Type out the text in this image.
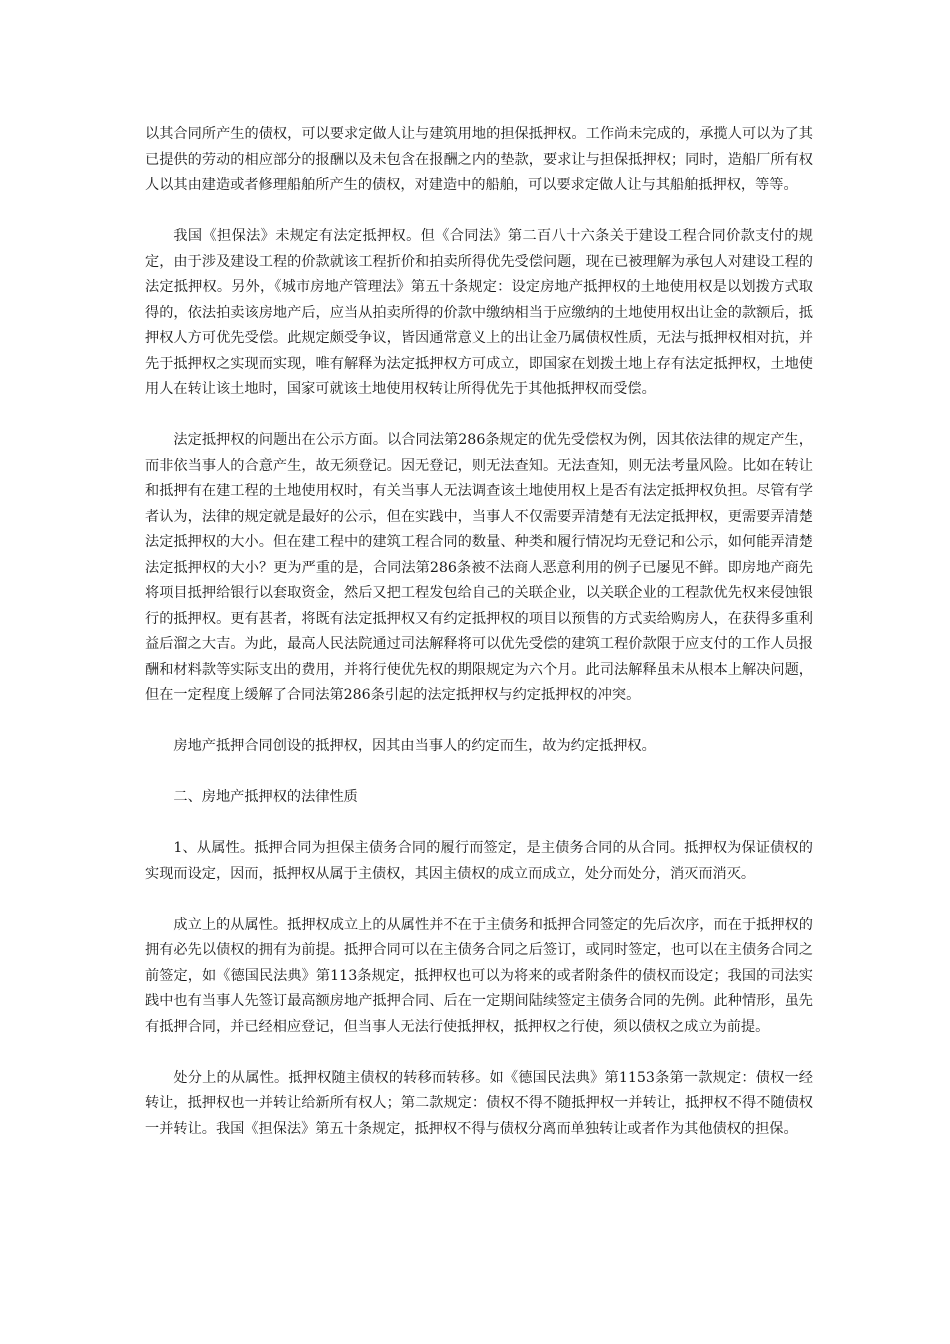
以其合同所产生的债权，可以要求定做人让与建筑用地的担保抵押权。工作尚未完成的，承揽人可以为了其已提供的劳动的相应部分的报酬以及未包含在报酬之内的垫款，要求让与担保抵押权；同时，造船厂所有权人以其由建造或者修理船舶所产生的债权，对建造中的船舶，可以要求定做人让与其船舶抵押权，等等。

我国《担保法》未规定有法定抵押权。但《合同法》第二百八十六条关于建设工程合同价款支付的规定，由于涉及建设工程的价款就该工程折价和拍卖所得优先受偿问题，现在已被理解为承包人对建设工程的法定抵押权。另外，《城市房地产管理法》第五十条规定：设定房地产抵押权的土地使用权是以划拨方式取得的，依法拍卖该房地产后，应当从拍卖所得的价款中缴纳相当于应缴纳的土地使用权出让金的款额后，抵押权人方可优先受偿。此规定颇受争议，皆因通常意义上的出让金乃属债权性质，无法与抵押权相对抗，并先于抵押权之实现而实现，唯有解释为法定抵押权方可成立，即国家在划拨土地上存有法定抵押权，土地使用人在转让该土地时，国家可就该土地使用权转让所得优先于其他抵押权而受偿。

法定抵押权的问题出在公示方面。以合同法第286条规定的优先受偿权为例，因其依法律的规定产生，而非依当事人的合意产生，故无须登记。因无登记，则无法查知。无法查知，则无法考量风险。比如在转让和抵押有在建工程的土地使用权时，有关当事人无法调查该土地使用权上是否有法定抵押权负担。尽管有学者认为，法律的规定就是最好的公示，但在实践中，当事人不仅需要弄清楚有无法定抵押权，更需要弄清楚法定抵押权的大小。但在建工程中的建筑工程合同的数量、种类和履行情况均无登记和公示，如何能弄清楚法定抵押权的大小？更为严重的是，合同法第286条被不法商人恶意利用的例子已屡见不鲜。即房地产商先将项目抵押给银行以套取资金，然后又把工程发包给自己的关联企业，以关联企业的工程款优先权来侵蚀银行的抵押权。更有甚者，将既有法定抵押权又有约定抵押权的项目以预售的方式卖给购房人，在获得多重利益后溜之大吉。为此，最高人民法院通过司法解释将可以优先受偿的建筑工程价款限于应支付的工作人员报酬和材料款等实际支出的费用，并将行使优先权的期限规定为六个月。此司法解释虽未从根本上解决问题，但在一定程度上缓解了合同法第286条引起的法定抵押权与约定抵押权的冲突。

房地产抵押合同创设的抵押权，因其由当事人的约定而生，故为约定抵押权。

二、房地产抵押权的法律性质

1、从属性。抵押合同为担保主债务合同的履行而签定，是主债务合同的从合同。抵押权为保证债权的实现而设定，因而，抵押权从属于主债权，其因主债权的成立而成立，处分而处分，消灭而消灭。

成立上的从属性。抵押权成立上的从属性并不在于主债务和抵押合同签定的先后次序，而在于抵押权的拥有必先以债权的拥有为前提。抵押合同可以在主债务合同之后签订，或同时签定，也可以在主债务合同之前签定，如《德国民法典》第113条规定，抵押权也可以为将来的或者附条件的债权而设定；我国的司法实践中也有当事人先签订最高额房地产抵押合同、后在一定期间陆续签定主债务合同的先例。此种情形，虽先有抵押合同，并已经相应登记，但当事人无法行使抵押权，抵押权之行使，须以债权之成立为前提。

处分上的从属性。抵押权随主债权的转移而转移。如《德国民法典》第1153条第一款规定：债权一经转让，抵押权也一并转让给新所有权人；第二款规定：债权不得不随抵押权一并转让，抵押权不得不随债权一并转让。我国《担保法》第五十条规定，抵押权不得与债权分离而单独转让或者作为其他债权的担保。
